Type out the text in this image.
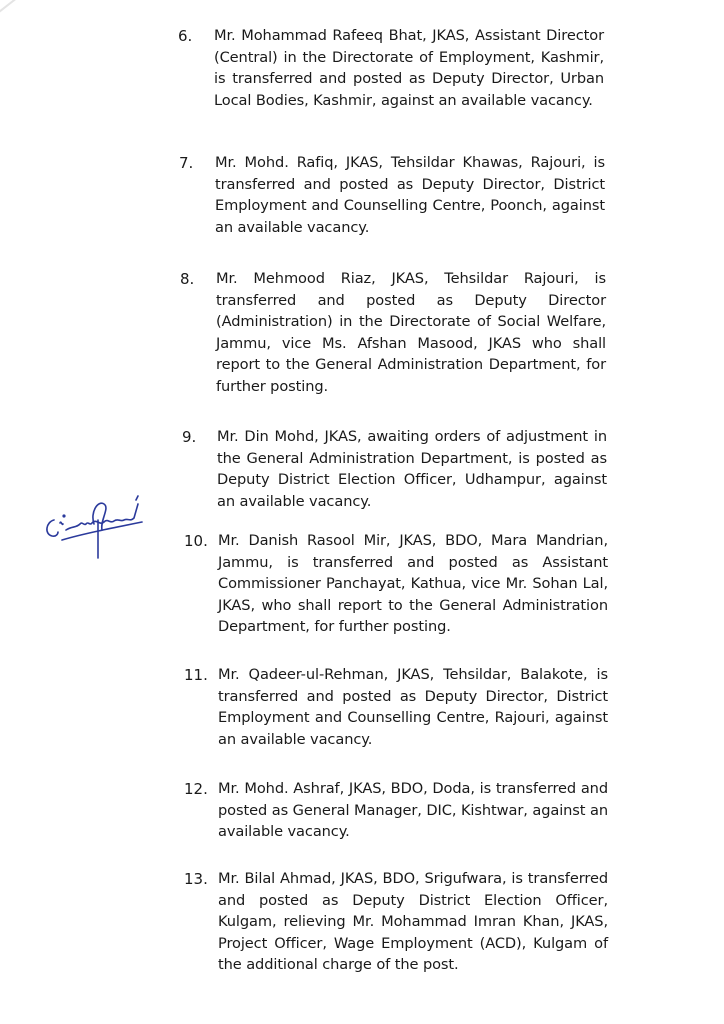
6.	Mr. Mohammad Rafeeq Bhat, JKAS, Assistant Director (Central) in the Directorate of Employment, Kashmir, is transferred and posted as Deputy Director, Urban Local Bodies, Kashmir, against an available vacancy.
7.	Mr. Mohd. Rafiq, JKAS, Tehsildar Khawas, Rajouri, is transferred and posted as Deputy Director, District Employment and Counselling Centre, Poonch, against an available vacancy.
8.	Mr. Mehmood Riaz, JKAS, Tehsildar Rajouri, is transferred and posted as Deputy Director (Administration) in the Directorate of Social Welfare, Jammu, vice Ms. Afshan Masood, JKAS who shall report to the General Administration Department, for further posting.
9.	Mr. Din Mohd, JKAS, awaiting orders of adjustment in the General Administration Department, is posted as Deputy District Election Officer, Udhampur, against an available vacancy.
10. Mr. Danish Rasool Mir, JKAS, BDO, Mara Mandrian, Jammu, is transferred and posted as Assistant Commissioner Panchayat, Kathua, vice Mr. Sohan Lal, JKAS, who shall report to the General Administration Department, for further posting.
11. Mr. Qadeer-ul-Rehman, JKAS, Tehsildar, Balakote, is transferred and posted as Deputy Director, District Employment and Counselling Centre, Rajouri, against an available vacancy.
12. Mr. Mohd. Ashraf, JKAS, BDO, Doda, is transferred and posted as General Manager, DIC, Kishtwar, against an available vacancy.
13. Mr. Bilal Ahmad, JKAS, BDO, Srigufwara, is transferred and posted as Deputy District Election Officer, Kulgam, relieving Mr. Mohammad Imran Khan, JKAS, Project Officer, Wage Employment (ACD), Kulgam of the additional charge of the post.
